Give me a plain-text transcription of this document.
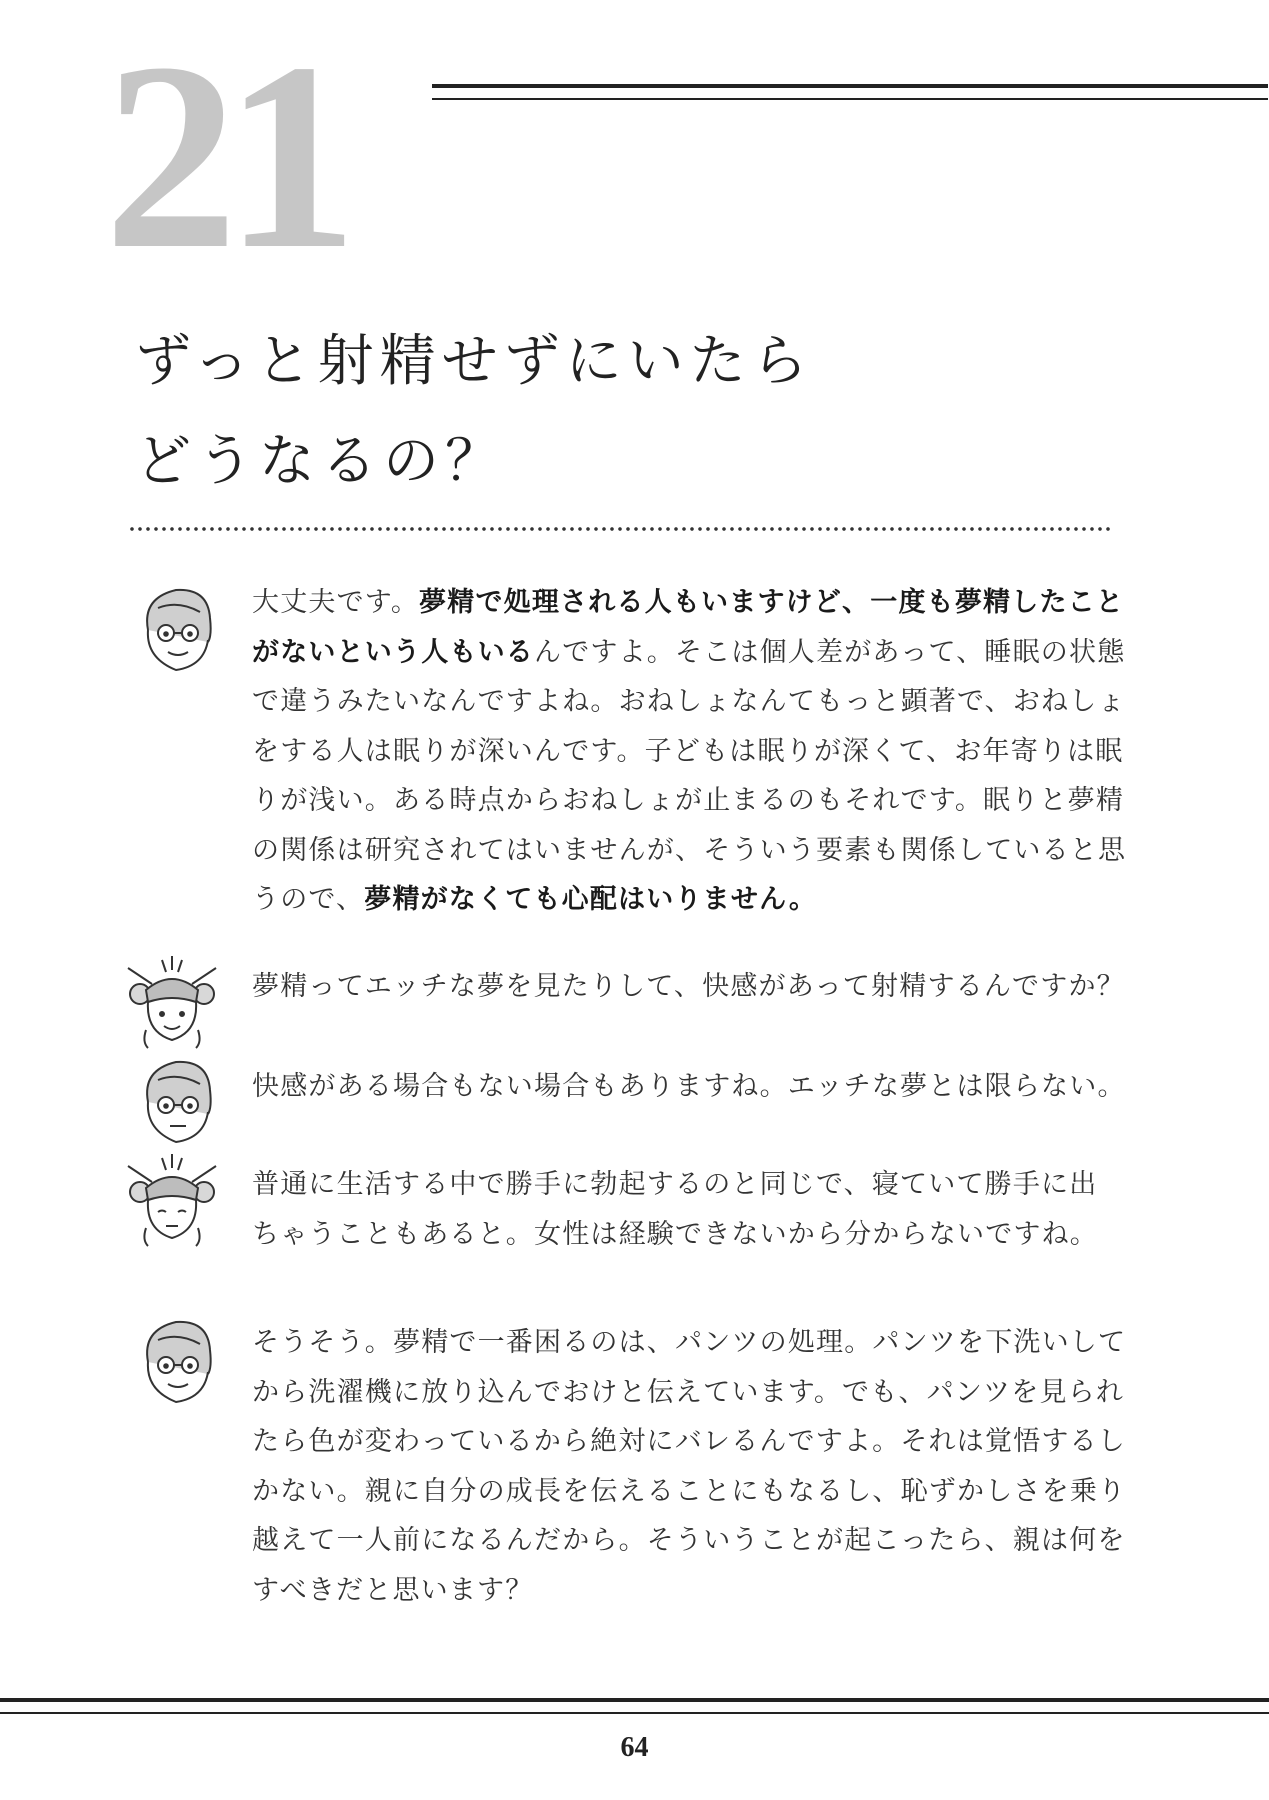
21
ずっと射精せずにいたら
どうなるの？
大丈夫です。夢精で処理される人もいますけど、一度も夢精したこと
がないという人もいるんですよ。そこは個人差があって、睡眠の状態
で違うみたいなんですよね。おねしょなんてもっと顕著で、おねしょ
をする人は眠りが深いんです。子どもは眠りが深くて、お年寄りは眠
りが浅い。ある時点からおねしょが止まるのもそれです。眠りと夢精
の関係は研究されてはいませんが、そういう要素も関係していると思
うので、夢精がなくても心配はいりません。
夢精ってエッチな夢を見たりして、快感があって射精するんですか？
快感がある場合もない場合もありますね。エッチな夢とは限らない。
普通に生活する中で勝手に勃起するのと同じで、寝ていて勝手に出
ちゃうこともあると。女性は経験できないから分からないですね。
そうそう。夢精で一番困るのは、パンツの処理。パンツを下洗いして
から洗濯機に放り込んでおけと伝えています。でも、パンツを見られ
たら色が変わっているから絶対にバレるんですよ。それは覚悟するし
かない。親に自分の成長を伝えることにもなるし、恥ずかしさを乗り
越えて一人前になるんだから。そういうことが起こったら、親は何を
すべきだと思います？
64
